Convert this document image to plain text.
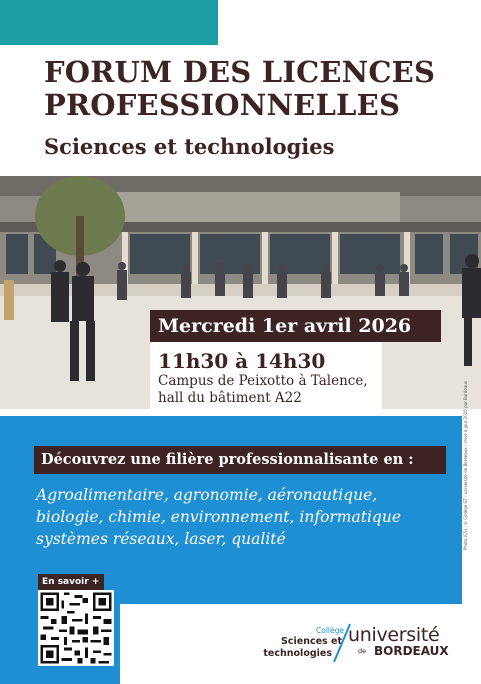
FORUM DES LICENCES
PROFESSIONNELLES
Sciences et technologies
Mercredi 1er avril 2026
11h30 à 14h30
Campus de Peixotto à Talence,
hall du bâtiment A22
Découvrez une filière professionnalisante en :
Agroalimentaire, agronomie, aéronautique,
biologie, chimie, environnement, informatique
systèmes réseaux, laser, qualité
En savoir +
Collège
Sciences et
technologies
université
de BORDEAUX
Photo (CS) : © Collège ST – université de Bordeaux – mise à jour 2025 par Bordeaux
